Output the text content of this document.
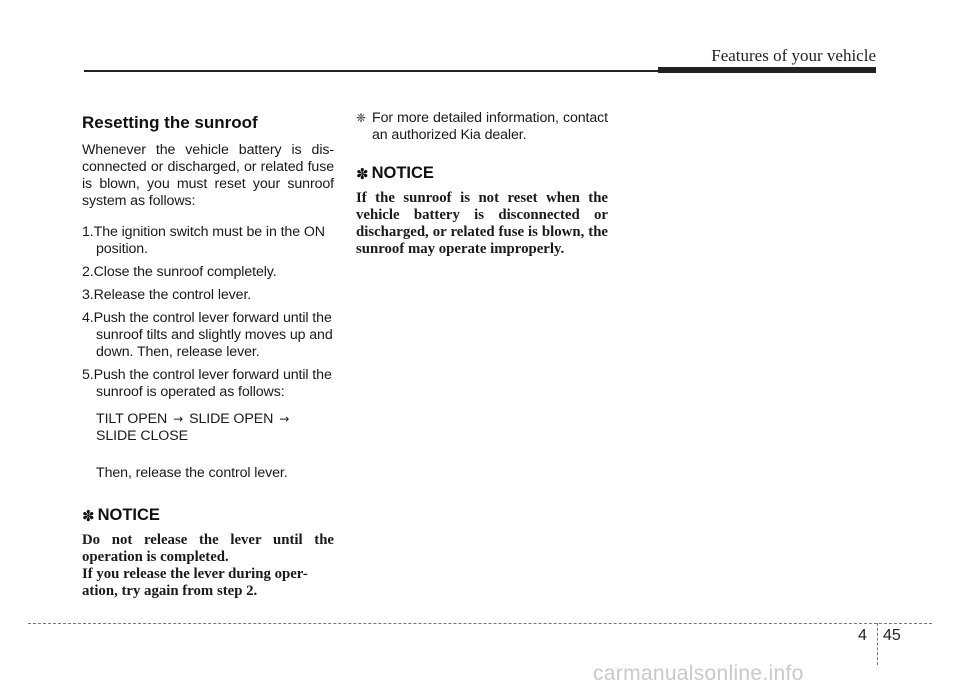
Features of your vehicle
Resetting the sunroof

Whenever the vehicle battery is dis-connected or discharged, or related fuse is blown, you must reset your sunroof system as follows:

1.The ignition switch must be in the ON position.
2.Close the sunroof completely.
3.Release the control lever.
4.Push the control lever forward until the sunroof tilts and slightly moves up and down. Then, release lever.
5.Push the control lever forward until the sunroof is operated as follows:
TILT OPEN → SLIDE OPEN →
SLIDE CLOSE
Then, release the control lever.
✽ NOTICE
Do not release the lever until the operation is completed.
If you release the lever during oper-ation, try again from step 2.
❈ For more detailed information, contact an authorized Kia dealer.
✽ NOTICE
If the sunroof is not reset when the vehicle battery is disconnected or discharged, or related fuse is blown, the sunroof may operate improperly.
4 45
carmanualsonline.info
